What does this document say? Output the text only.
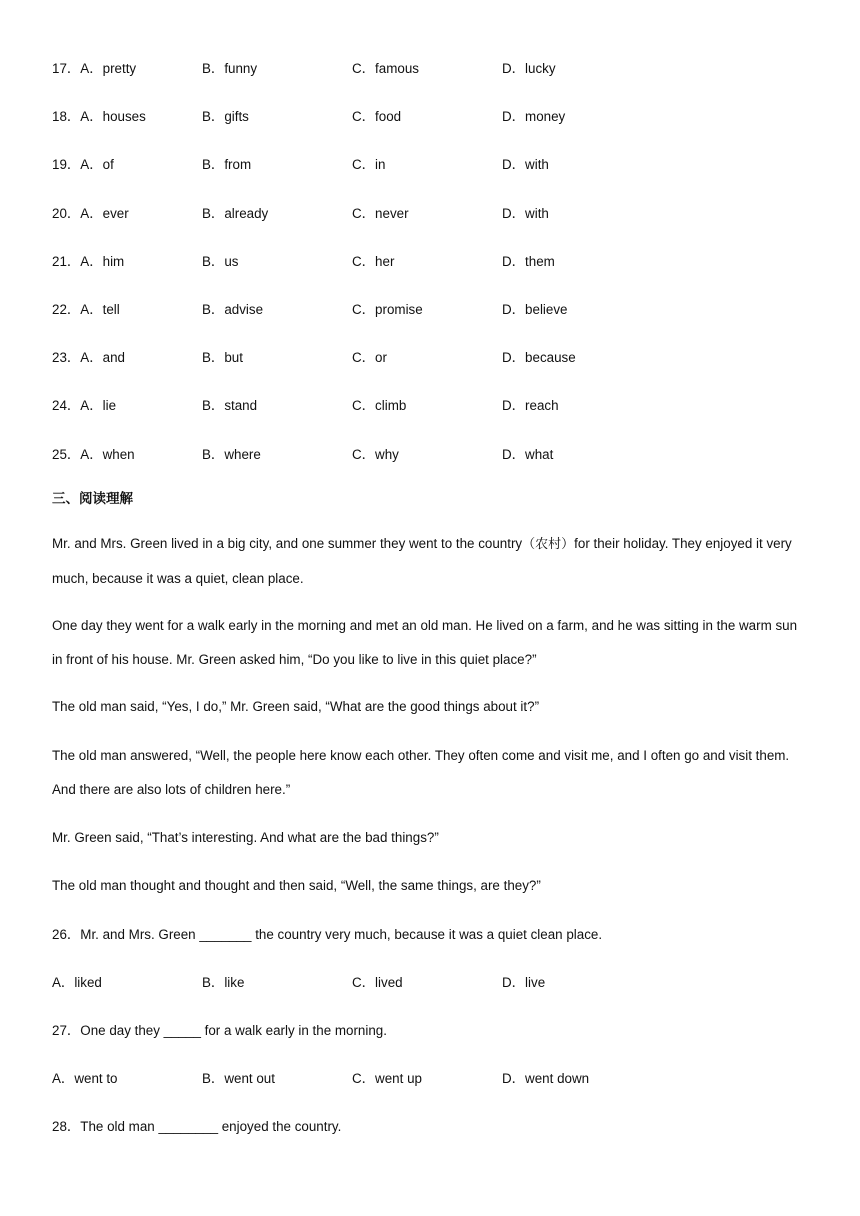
17．A．pretty	B．funny	C．famous	D．lucky
18．A．houses	B．gifts	C．food	D．money
19．A．of	B．from	C．in	D．with
20．A．ever	B．already	C．never	D．with
21．A．him	B．us	C．her	D．them
22．A．tell	B．advise	C．promise	D．believe
23．A．and	B．but	C．or	D．because
24．A．lie	B．stand	C．climb	D．reach
25．A．when	B．where	C．why	D．what
三、阅读理解
Mr. and Mrs. Green lived in a big city, and one summer they went to the country（农村）for their holiday. They enjoyed it very much, because it was a quiet, clean place.
One day they went for a walk early in the morning and met an old man. He lived on a farm, and he was sitting in the warm sun in front of his house. Mr. Green asked him, “Do you like to live in this quiet place?”
The old man said, “Yes, I do,” Mr. Green said, “What are the good things about it?”
The old man answered, “Well, the people here know each other. They often come and visit me, and I often go and visit them. And there are also lots of children here.”
Mr. Green said, “That’s interesting. And what are the bad things?”
The old man thought and thought and then said, “Well, the same things, are they?”
26．Mr. and Mrs. Green _______ the country very much, because it was a quiet clean place.
A．liked	B．like	C．lived	D．live
27．One day they _____ for a walk early in the morning.
A．went to	B．went out	C．went up	D．went down
28．The old man ________ enjoyed the country.
